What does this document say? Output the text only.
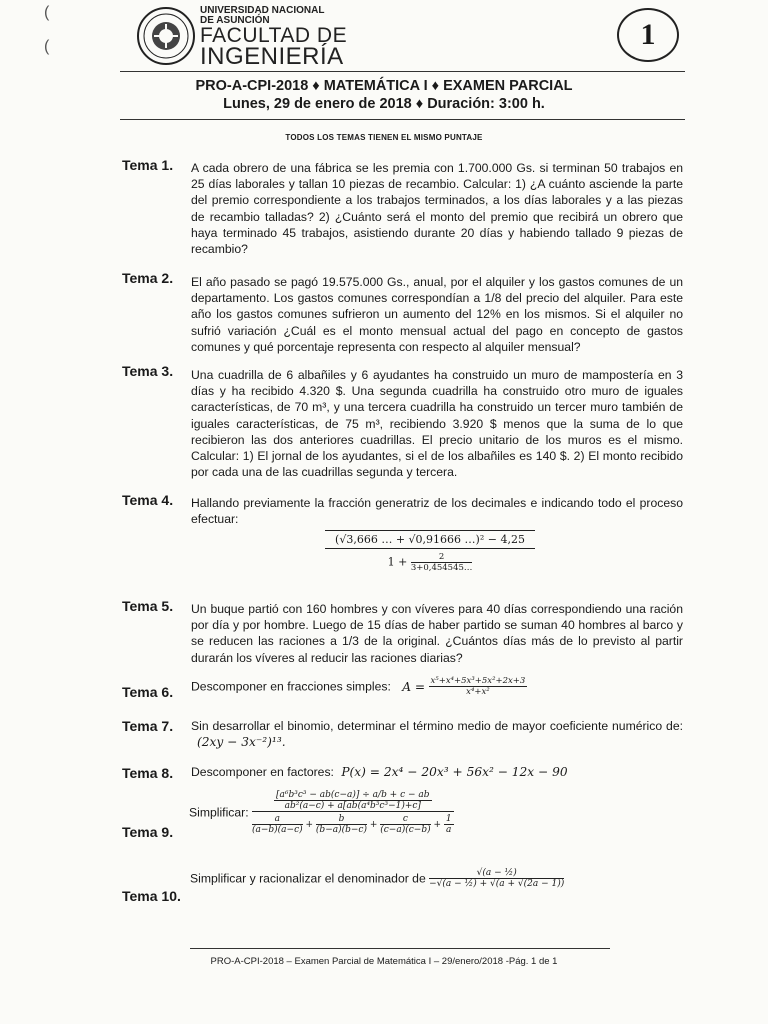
UNIVERSIDAD NACIONAL
DE ASUNCIÓN
FACULTAD DE
INGENIERÍA
1
PRO-A-CPI-2018 ♦ MATEMÁTICA I ♦ EXAMEN PARCIAL
Lunes, 29 de enero de 2018 ♦ Duración: 3:00 h.
TODOS LOS TEMAS TIENEN EL MISMO PUNTAJE
(
(
Tema 1. A cada obrero de una fábrica se les premia con 1.700.000 Gs. si terminan 50 trabajos en 25 días laborales y tallan 10 piezas de recambio. Calcular: 1) ¿A cuánto asciende la parte del premio correspondiente a los trabajos terminados, a los días laborales y a las piezas de recambio talladas? 2) ¿Cuánto será el monto del premio que recibirá un obrero que haya terminado 45 trabajos, asistiendo durante 20 días y habiendo tallado 9 piezas de recambio?
Tema 2. El año pasado se pagó 19.575.000 Gs., anual, por el alquiler y los gastos comunes de un departamento. Los gastos comunes correspondían a 1/8 del precio del alquiler. Para este año los gastos comunes sufrieron un aumento del 12% en los mismos. Si el alquiler no sufrió variación ¿Cuál es el monto mensual actual del pago en concepto de gastos comunes y qué porcentaje representa con respecto al alquiler mensual?
Tema 3. Una cuadrilla de 6 albañiles y 6 ayudantes ha construido un muro de mampostería en 3 días y ha recibido 4.320 $. Una segunda cuadrilla ha construido otro muro de iguales características, de 70 m³, y una tercera cuadrilla ha construido un tercer muro también de iguales características, de 75 m³, recibiendo 3.920 $ menos que la suma de lo que recibieron las dos anteriores cuadrillas. El precio unitario de los muros es el mismo. Calcular: 1) El jornal de los ayudantes, si el de los albañiles es 140 $. 2) El monto recibido por cada una de las cuadrillas segunda y tercera.
Tema 4. Hallando previamente la fracción generatriz de los decimales e indicando todo el proceso efectuar:
(√3,666 … + √0,91666 …)² − 4,25
$1 + \frac{2}{3+0,454545\dots}$
Tema 5. Un buque partió con 160 hombres y con víveres para 40 días correspondiendo una ración por día y por hombre. Luego de 15 días de haber partido se suman 40 hombres al barco y se reducen las raciones a 1/3 de la original. ¿Cuántos días más de lo previsto al partir durarán los víveres al reducir las raciones diarias?
Tema 6. Descomponer en fracciones simples: $A = \frac{\text{x⁵+x⁴+5x³+5x²+2x+3}}{\text{x⁴+x²}}$
Tema 7. Sin desarrollar el binomio, determinar el término medio de mayor coeficiente numérico de: (2xy − 3x⁻²)¹³.
Tema 8. Descomponer en factores: P(x) = 2x⁴ − 20x³ + 56x² − 12x − 90
Tema 9.
Simplificar:
$\frac{\text{[a⁶b³c³ − ab(c−a)] ÷ a/b + c − ab}}{\text{ab²(a−c) + a[ab(a⁴b³c³−1)+c]}}$
$\frac{a}{(a-b)(a-c)} + \frac{b}{(b-a)(b-c)} + \frac{c}{(c-a)(c-b)} + \frac{1}{a}$
Tema 10.
Simplificar y racionalizar el denominador de $\frac{\text{√(a − ½)}}{\text{−√(a − ½) + √(a + √(2a − 1))}}$
PRO-A-CPI-2018 – Examen Parcial de Matemática I – 29/enero/2018 -Pág. 1 de 1
